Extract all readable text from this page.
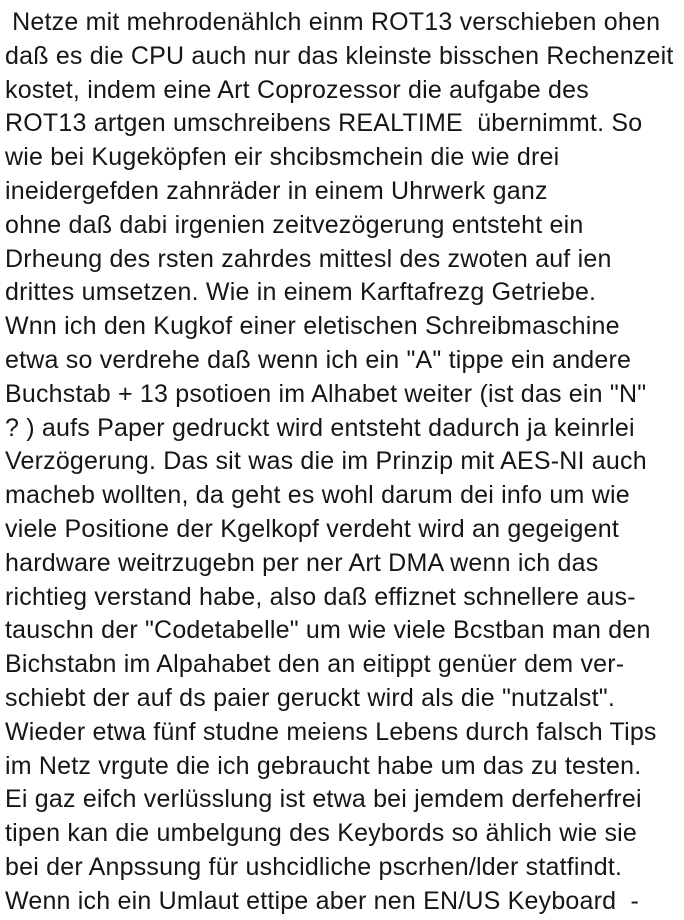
Netze mit mehrodenählch einm ROT13 verschieben ohen
daß es die CPU auch nur das kleinste bisschen Rechenzeit
kostet, indem eine Art Coprozessor die aufgabe des
ROT13 artgen umschreibens REALTIME  übernimmt. So
wie bei Kugeköpfen eir shcibsmchein die wie drei
ineidergefden zahnräder in einem Uhrwerk ganz
ohne daß dabi irgenien zeitvezögerung entsteht ein
Drheung des rsten zahrdes mittesl des zwoten auf ien
drittes umsetzen. Wie in einem Karftafrezg Getriebe.
Wnn ich den Kugkof einer eletischen Schreibmaschine
etwa so verdrehe daß wenn ich ein "A" tippe ein andere
Buchstab + 13 psotioen im Alhabet weiter (ist das ein "N"
? ) aufs Paper gedruckt wird entsteht dadurch ja keinrlei
Verzögerung. Das sit was die im Prinzip mit AES-NI auch
macheb wollten, da geht es wohl darum dei info um wie
viele Positione der Kgelkopf verdeht wird an gegeigent
hardware weitrzugebn per ner Art DMA wenn ich das
richtieg verstand habe, also daß effiznet schnellere aus-
tauschn der "Codetabelle" um wie viele Bcstban man den
Bichstabn im Alpahabet den an eitippt genüer dem ver-
schiebt der auf ds paier geruckt wird als die "nutzalst".
Wieder etwa fünf studne meiens Lebens durch falsch Tips
im Netz vrgute die ich gebraucht habe um das zu testen.
Ei gaz eifch verlüsslung ist etwa bei jemdem derfeherfrei
tipen kan die umbelgung des Keybords so ählich wie sie
bei der Anpssung für ushcidliche pscrhen/lder statfindt.
Wenn ich ein Umlaut ettipe aber nen EN/US Keyboard  -
